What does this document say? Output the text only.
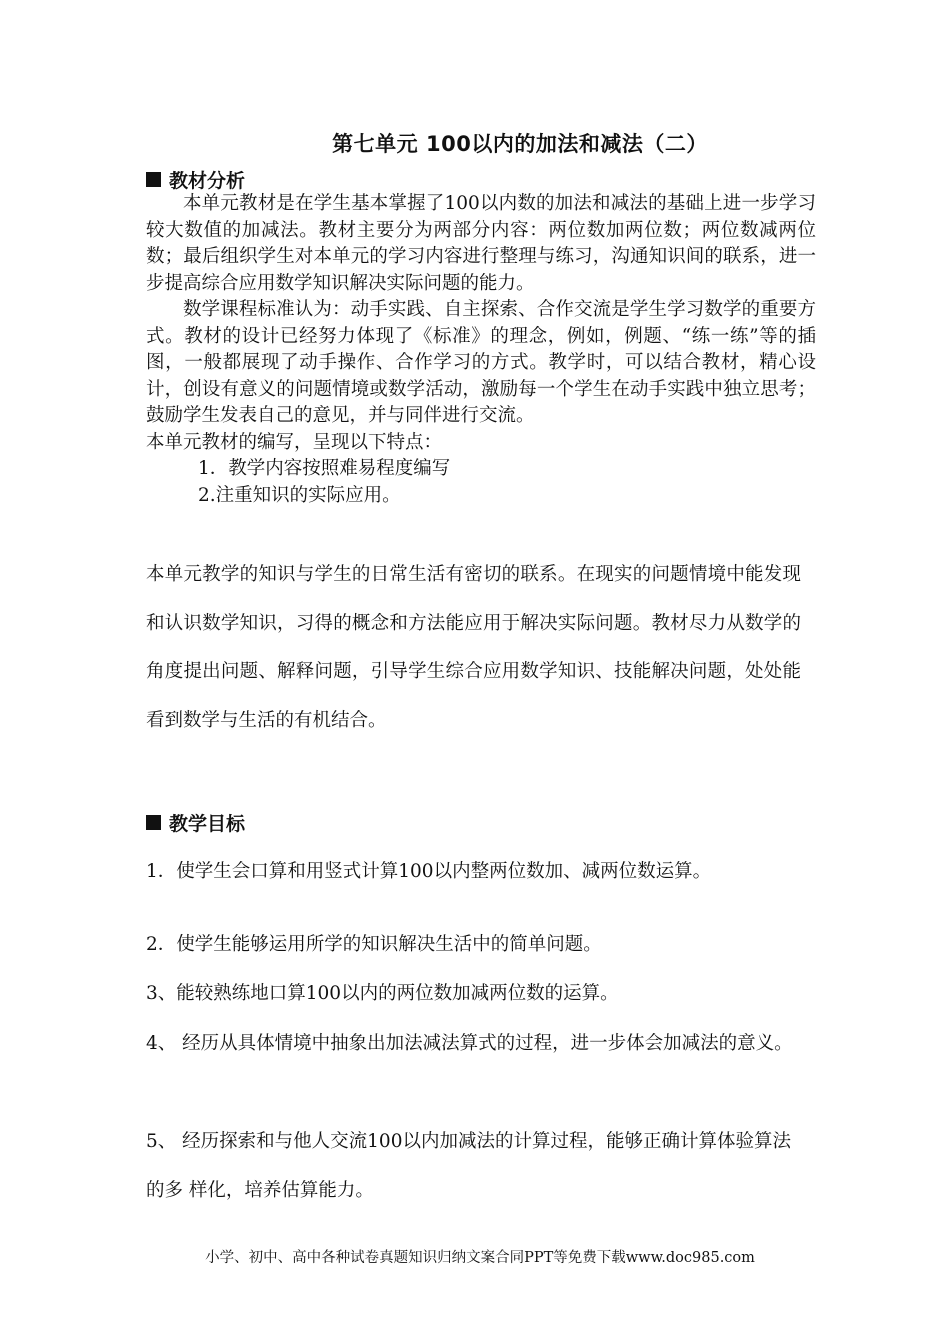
第七单元 100以内的加法和减法（二）
教材分析

本单元教材是在学生基本掌握了100以内数的加法和减法的基础上进一步学习较大数值的加减法。教材主要分为两部分内容：两位数加两位数；两位数减两位数；最后组织学生对本单元的学习内容进行整理与练习，沟通知识间的联系，进一步提高综合应用数学知识解决实际问题的能力。

数学课程标准认为：动手实践、自主探索、合作交流是学生学习数学的重要方式。教材的设计已经努力体现了《标准》的理念，例如，例题、“练一练”等的插图，一般都展现了动手操作、合作学习的方式。教学时，可以结合教材，精心设计，创设有意义的问题情境或数学活动，激励每一个学生在动手实践中独立思考；鼓励学生发表自己的意见，并与同伴进行交流。

本单元教材的编写，呈现以下特点：

1．教学内容按照难易程度编写

2.注重知识的实际应用。

本单元教学的知识与学生的日常生活有密切的联系。在现实的问题情境中能发现和认识数学知识，习得的概念和方法能应用于解决实际问题。教材尽力从数学的角度提出问题、解释问题，引导学生综合应用数学知识、技能解决问题，处处能看到数学与生活的有机结合。

教学目标

1．使学生会口算和用竖式计算100以内整两位数加、减两位数运算。

2．使学生能够运用所学的知识解决生活中的简单问题。

3、能较熟练地口算100以内的两位数加减两位数的运算。

4、 经历从具体情境中抽象出加法减法算式的过程，进一步体会加减法的意义。

5、 经历探索和与他人交流100以内加减法的计算过程，能够正确计算体验算法的多 样化，培养估算能力。

小学、初中、高中各种试卷真题知识归纳文案合同PPT等免费下载www.doc985.com
